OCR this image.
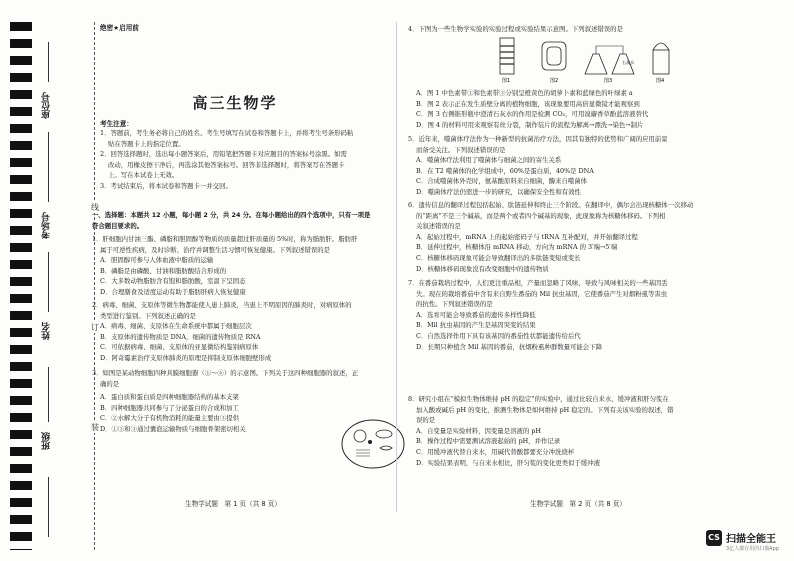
班级
姓名
考场号
座位号
线
订
装
绝密★启用前
高三生物学
考生注意：
1．答题前，考生务必将自己的姓名、考生号填写在试卷和答题卡上，并将考生号条形码粘
贴在答题卡上的指定位置。
2．回答选择题时，选出每小题答案后，用铅笔把答题卡对应题目的答案标号涂黑。如需
改动，用橡皮擦干净后，再选涂其他答案标号。回答非选择题时，将答案写在答题卡
上。写在本试卷上无效。
3．考试结束后，将本试卷和答题卡一并交回。
一、选择题：本题共 12 小题，每小题 2 分，共 24 分。在每小题给出的四个选项中，只有一项是
符合题目要求的。
1．肝细胞内甘油三酯、磷脂和胆固醇等物质的质量超过肝质量的 5%时，称为脂肪肝。脂肪肝
属于可逆性疾病，及时诊断、治疗并调整生活习惯可恢复健康。下列叙述错误的是
A．胆固醇可参与人体血液中脂质的运输
B．磷脂是由磷酸、甘油和脂肪酸结合形成的
C．大多数动物脂肪含有饱和脂肪酸，室温下呈固态
D．合理膳食及适度运动有助于脂肪肝病人恢复健康
2．病毒、细菌、支原体等微生物都能使人患上肺炎，当患上不明原因的肺炎时，对病原体的
类型进行鉴别。下列叙述正确的是
A．病毒、细菌、支原体在生命系统中都属于细胞层次
B．支原体的遗传物质是 DNA，细菌的遗传物质是 RNA
C．可依据病毒、细菌、支原体的亚显微结构鉴别病原体
D．阿奇霉素治疗支原体肺炎的原理是抑制支原体细胞壁形成
3．如图是某动物细胞四种具膜细胞器（①～④）的示意图。下列关于这四种细胞器的叙述，正
确的是
A．蛋白质和蛋白质是四种细胞器结构的基本支架
B．四种细胞器共同参与了分泌蛋白的合成和加工
C．②水解大分子有机物消耗的能量主要由③提供
D．①③和③通过囊泡运输物质与细胞骨架密切相关
生物学试题　第 1 页（共 8 页）
4．下图为一些生物学实验的实验过程或实验结果示意图。下列叙述错误的是
图1	图2	图3
石灰水
图4
A．图 1 中色素带①和色素带③分别呈橙黄色的胡萝卜素和蓝绿色的叶绿素 a
B．图 2 表示正在发生质壁分离的植物细胞，该现象要用高倍显微镜才能观察到
C．图 3 右侧锥形瓶中澄清石灰水的作用是检测 CO₂，可用溴麝香草酚蓝溶液替代
D．图 4 的材料可用来观察有丝分裂，制作装片的流程为解离→漂洗→染色→制片
5．近年来，噬菌体疗法作为一种新型的抗菌治疗方法，因其有独特的优势和广阔的应用前景
而备受关注。下列叙述错误的是
A．噬菌体疗法利用了噬菌体与细菌之间的寄生关系
B．在 T2 噬菌体的化学组成中，60%是蛋白质，40%是 DNA
C．合成噬菌体外壳时，氨基酸原料来自细菌，酶来自噬菌体
D．噬菌体疗法仍需进一步的研究，以确保安全性和有效性
6．遗传信息的翻译过程包括起始、肽链延伸和终止三个阶段。在翻译中，偶尔会出现核糖体一次移动
的“距离”不是三个碱基，而是两个或者四个碱基的现象，此现象称为核糖体移码。下列相
关叙述错误的是
A．起始过程中，mRNA 上的起始密码子与 tRNA 互补配对，并开始翻译过程
B．延伸过程中，核糖体沿 mRNA 移动，方向为 mRNA 的 3′端→5′端
C．核糖体移码现象可能会导致翻译出的多肽链变短或变长
D．核糖体移码现象没有改变细胞中的遗传物质
7．在番茄栽培过程中，人们更注重品相，产量而忽略了风味，导致与风味相关的一些基因丢
失。现在的栽培番茄中含有来自野生番茄的 Mil 抗虫基因，它使番茄产生对烟粉虱等害虫
的抗性。下列叙述错误的是
A．选育可能会导致番茄的遗传多样性降低
B．Mil 抗虫基因的产生是基因突变的结果
C．自然选择作用下具有该基因的番茄性状都能遗传给后代
D．长期只种植含 Mil 基因的番茄，抗烟粉虱种群数量可能会下降
8．研究小组在“模拟生物体维持 pH 的稳定”的实验中，通过比较自来水、缓冲液和肝匀浆在
加入酸或碱后 pH 的变化，推测生物体是如何维持 pH 稳定的。下列有关该实验的叙述，错
误的是
A．自变量是实验材料，因变量是溶液的 pH
B．操作过程中需要测试溶液起始的 pH，并作记录
C．用缓冲液代替自来水，用碱代替酸都要充分冲洗烧杯
D．实验结果表明，与自来水相比，肝匀浆的变化更类似于缓冲液
生物学试题　第 2 页（共 8 页）
CS 扫描全能王
3亿人都在用的扫描App
